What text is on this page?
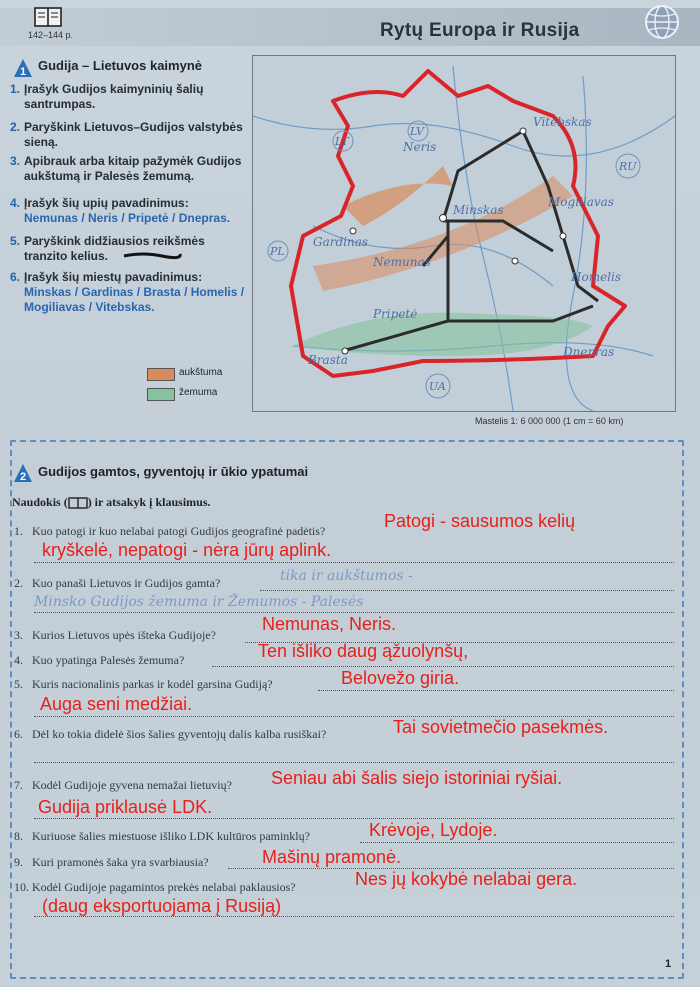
142–144 p.	Rytų Europa ir Rusija
1 Gudija – Lietuvos kaimynė
1. Įrašyk Gudijos kaimyninių šalių santrumpas.
2. Paryškink Lietuvos–Gudijos valstybės sieną.
3. Apibrauk arba kitaip pažymėk Gudijos aukštumą ir Palesės žemumą.
4. Įrašyk šių upių pavadinimus:
Nemunas / Neris / Pripetė / Dnepras.
5. Paryškink didžiausios reikšmės tranzito kelius.
6. Įrašyk šių miestų pavadinimus:
Minskas / Gardinas / Brasta / Homelis / Mogiliavas / Vitebskas.
Minskas
Gardinas
Brasta
Homelis
Mogiliavas
Vitebskas
Nemunas
Pripetė
Dnepras
Neris
LV
LT
PL
UA
RU
aukštuma
žemuma
Mastelis 1: 6 000 000 (1 cm = 60 km)
2 Gudijos gamtos, gyventojų ir ūkio ypatumai
Naudokis ( ) ir atsakyk į klausimus.
1. Kuo patogi ir kuo nelabai patogi Gudijos geografinė padėtis?
2. Kuo panaši Lietuvos ir Gudijos gamta?
3. Kurios Lietuvos upės išteka Gudijoje?
4. Kuo ypatinga Palesės žemuma?
5. Kuris nacionalinis parkas ir kodėl garsina Gudiją?
6. Dėl ko tokia didelė šios šalies gyventojų dalis kalba rusiškai?
7. Kodėl Gudijoje gyvena nemažai lietuvių?
8. Kuriuose šalies miestuose išliko LDK kultūros paminklų?
9. Kuri pramonės šaka yra svarbiausia?
10. Kodėl Gudijoje pagamintos prekės nelabai paklausios?
tika ir aukštumos -
Minsko Gudijos žemuma ir Žemumos - Palesės
Patogi - sausumos kelių
kryškelė, nepatogi - nėra jūrų aplink.
Nemunas, Neris.
Ten išliko daug ąžuolynšų,
Belovežo giria.
Auga seni medžiai.
Tai sovietmečio pasekmės.
Seniau abi šalis siejo istoriniai ryšiai.
Gudija priklausė LDK.
Krėvoje, Lydoje.
Mašinų pramonė.
Nes jų kokybė nelabai gera.
(daug eksportuojama į Rusiją)
1
